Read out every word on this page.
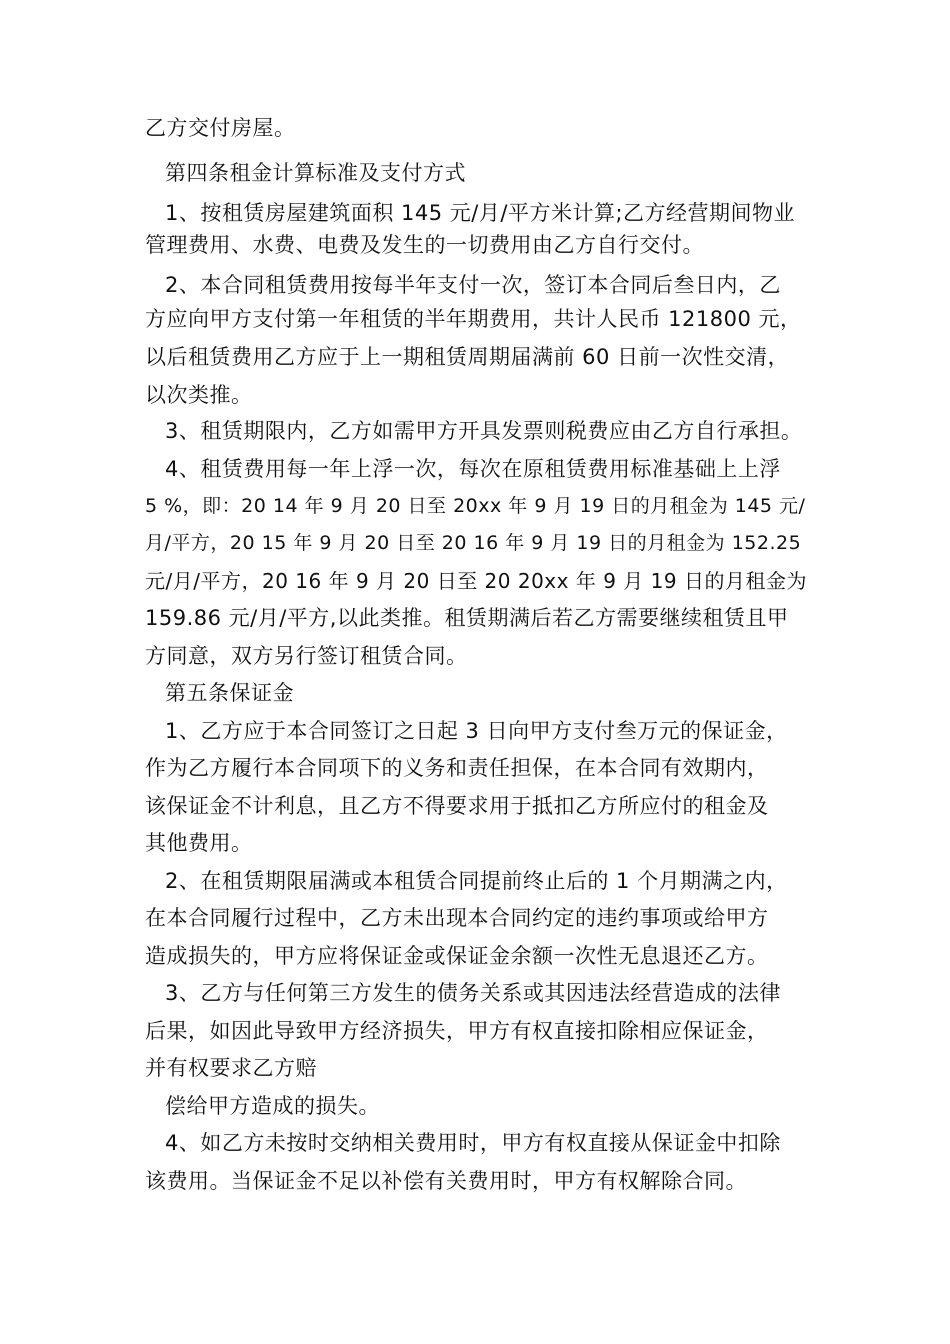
乙方交付房屋。
第四条租金计算标准及支付方式
1、按租赁房屋建筑面积 145 元/月/平方米计算;乙方经营期间物业
管理费用、水费、电费及发生的一切费用由乙方自行交付。
2、本合同租赁费用按每半年支付一次，签订本合同后叁日内，乙
方应向甲方支付第一年租赁的半年期费用，共计人民币 121800 元，
以后租赁费用乙方应于上一期租赁周期届满前 60 日前一次性交清，
以次类推。
3、租赁期限内，乙方如需甲方开具发票则税费应由乙方自行承担。
4、租赁费用每一年上浮一次，每次在原租赁费用标准基础上上浮
5 %，即：20 14 年 9 月 20 日至 20xx 年 9 月 19 日的月租金为 145 元/
月/平方，20 15 年 9 月 20 日至 20 16 年 9 月 19 日的月租金为 152.25
元/月/平方，20 16 年 9 月 20 日至 20 20xx 年 9 月 19 日的月租金为
159.86 元/月/平方,以此类推。租赁期满后若乙方需要继续租赁且甲
方同意，双方另行签订租赁合同。
第五条保证金
1、乙方应于本合同签订之日起 3 日向甲方支付叁万元的保证金，
作为乙方履行本合同项下的义务和责任担保，在本合同有效期内，
该保证金不计利息，且乙方不得要求用于抵扣乙方所应付的租金及
其他费用。
2、在租赁期限届满或本租赁合同提前终止后的 1 个月期满之内，
在本合同履行过程中，乙方未出现本合同约定的违约事项或给甲方
造成损失的，甲方应将保证金或保证金余额一次性无息退还乙方。
3、乙方与任何第三方发生的债务关系或其因违法经营造成的法律
后果，如因此导致甲方经济损失，甲方有权直接扣除相应保证金，
并有权要求乙方赔
偿给甲方造成的损失。
4、如乙方未按时交纳相关费用时，甲方有权直接从保证金中扣除
该费用。当保证金不足以补偿有关费用时，甲方有权解除合同。
